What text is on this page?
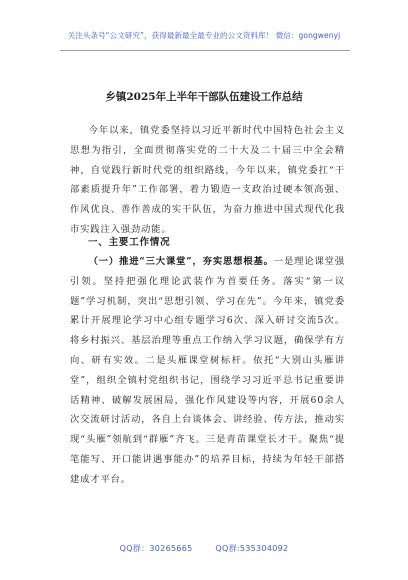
关注头条号“公文研究”，获得最新最全最专业的公文资料库！ 微信：gongwenyj
乡镇2025年上半年干部队伍建设工作总结

今年以来，镇党委坚持以习近平新时代中国特色社会主义思想为指引，全面贯彻落实党的二十大及二十届三中全会精神，自觉践行新时代党的组织路线，今年以来，镇党委扛“干部素质提升年”工作部署，着力锻造一支政治过硬本领高强、作风优良、善作善成的实干队伍，为奋力推进中国式现代化我市实践注入强劲动能。

一、主要工作情况

（一）推进“三大课堂”，夯实思想根基。一是理论课堂强引领。坚持把强化理论武装作为首要任务。落实“第一议题”学习机制，突出“思想引领、学习在先”。今年来，镇党委累计开展理论学习中心组专题学习6次、深入研讨交流5次。将乡村振兴、基层治理等重点工作纳入学习议题，确保学有方向、研有实效。二是头雁课堂树标杆。依托“大别山头雁讲堂”，组织全镇村党组织书记，围绕学习习近平总书记重要讲话精神、破解发展困局，强化作风建设等内容，开展60余人次交流研讨活动，各自上台谈体会、讲经验、传方法，推动实现“头雁”领航到“群雁”齐飞。三是青苗课堂长才干。聚焦“提笔能写、开口能讲遇事能办”的培养目标，持续为年轻干部搭建成才平台。

QQ群：30265665	QQ群:535304092
